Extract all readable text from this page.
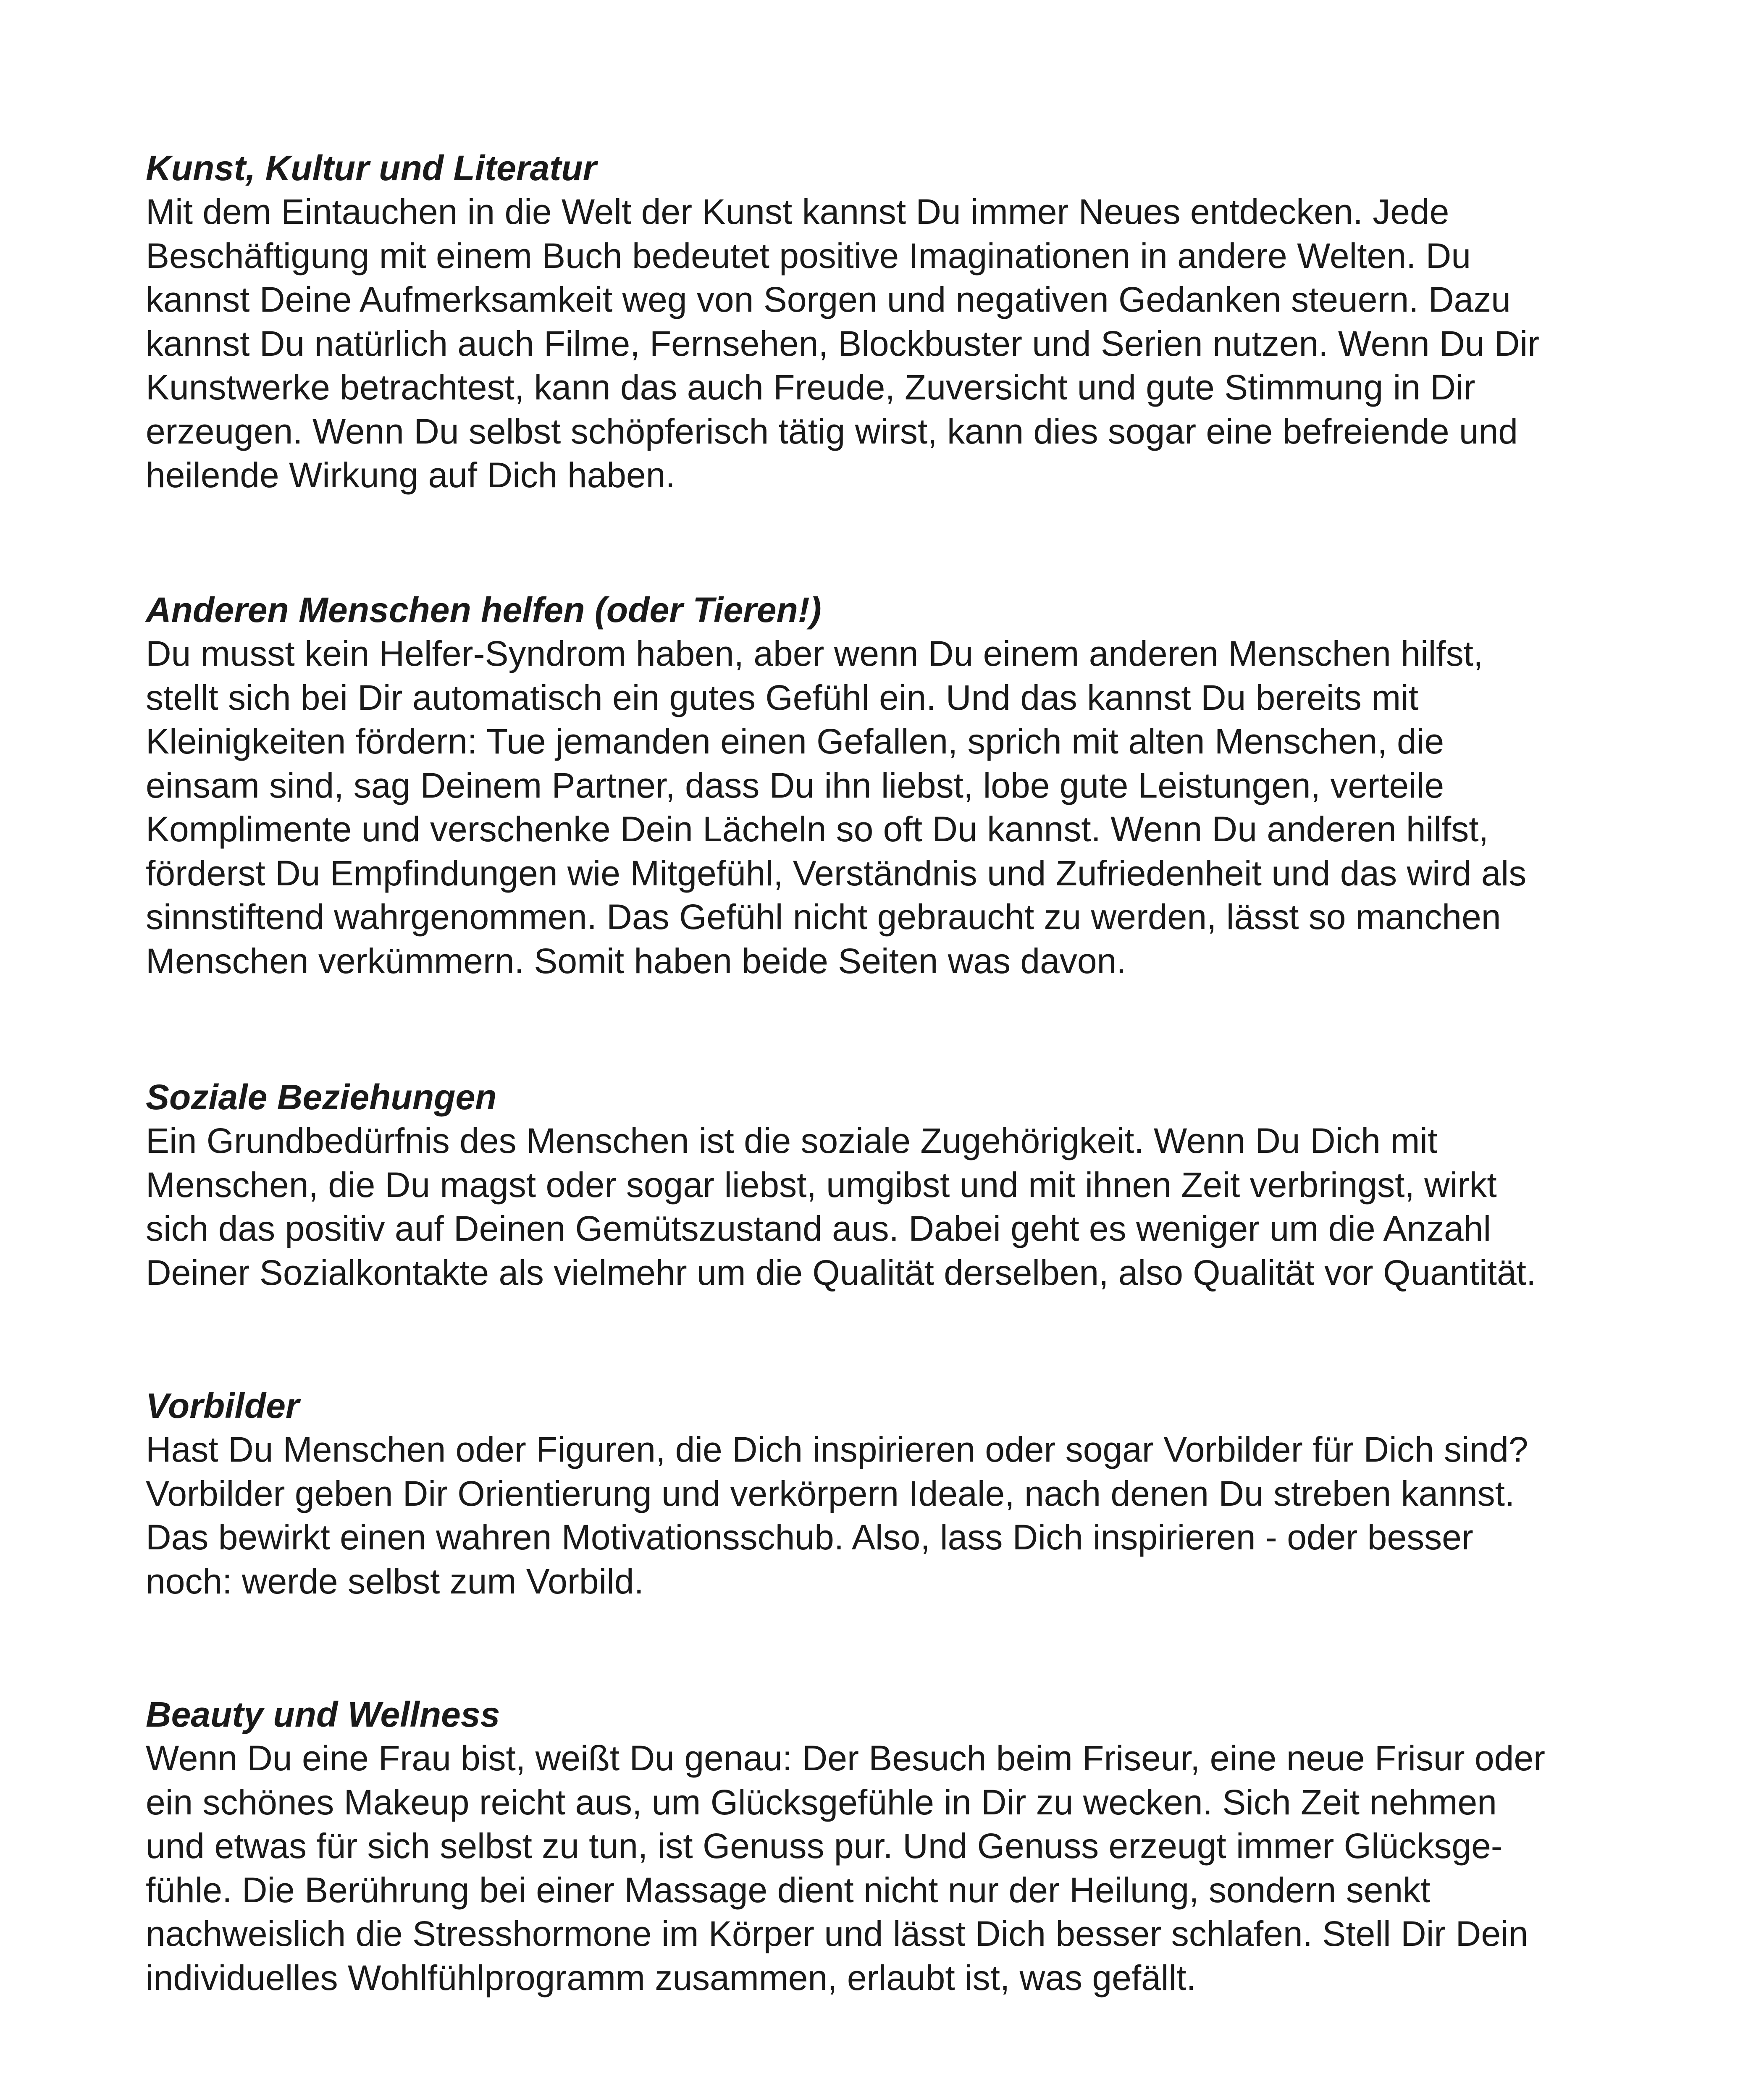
Kunst, Kultur und Literatur

Mit dem Eintauchen in die Welt der Kunst kannst Du immer Neues entdecken. Jede

Beschäftigung mit einem Buch bedeutet positive Imaginationen in andere Welten. Du

kannst Deine Aufmerksamkeit weg von Sorgen und negativen Gedanken steuern. Dazu

kannst Du natürlich auch Filme, Fernsehen, Blockbuster und Serien nutzen. Wenn Du Dir

Kunstwerke betrachtest, kann das auch Freude, Zuversicht und gute Stimmung in Dir

erzeugen. Wenn Du selbst schöpferisch tätig wirst, kann dies sogar eine befreiende und

heilende Wirkung auf Dich haben.

Anderen Menschen helfen (oder Tieren!)

Du musst kein Helfer-Syndrom haben, aber wenn Du einem anderen Menschen hilfst,

stellt sich bei Dir automatisch ein gutes Gefühl ein. Und das kannst Du bereits mit

Kleinigkeiten fördern: Tue jemanden einen Gefallen, sprich mit alten Menschen, die

einsam sind, sag Deinem Partner, dass Du ihn liebst, lobe gute Leistungen, verteile

Komplimente und verschenke Dein Lächeln so oft Du kannst. Wenn Du anderen hilfst,

förderst Du Empfindungen wie Mitgefühl, Verständnis und Zufriedenheit und das wird als

sinnstiftend wahrgenommen. Das Gefühl nicht gebraucht zu werden, lässt so manchen

Menschen verkümmern. Somit haben beide Seiten was davon.

Soziale Beziehungen

Ein Grundbedürfnis des Menschen ist die soziale Zugehörigkeit. Wenn Du Dich mit

Menschen, die Du magst oder sogar liebst, umgibst und mit ihnen Zeit verbringst, wirkt

sich das positiv auf Deinen Gemütszustand aus. Dabei geht es weniger um die Anzahl

Deiner Sozialkontakte als vielmehr um die Qualität derselben, also Qualität vor Quantität.

Vorbilder

Hast Du Menschen oder Figuren, die Dich inspirieren oder sogar Vorbilder für Dich sind?

Vorbilder geben Dir Orientierung und verkörpern Ideale, nach denen Du streben kannst.

Das bewirkt einen wahren Motivationsschub. Also, lass Dich inspirieren - oder besser

noch: werde selbst zum Vorbild.

Beauty und Wellness

Wenn Du eine Frau bist, weißt Du genau: Der Besuch beim Friseur, eine neue Frisur oder

ein schönes Makeup reicht aus, um Glücksgefühle in Dir zu wecken. Sich Zeit nehmen

und etwas für sich selbst zu tun, ist Genuss pur. Und Genuss erzeugt immer Glücksge-

fühle. Die Berührung bei einer Massage dient nicht nur der Heilung, sondern senkt

nachweislich die Stresshormone im Körper und lässt Dich besser schlafen. Stell Dir Dein

individuelles Wohlfühlprogramm zusammen, erlaubt ist, was gefällt.
